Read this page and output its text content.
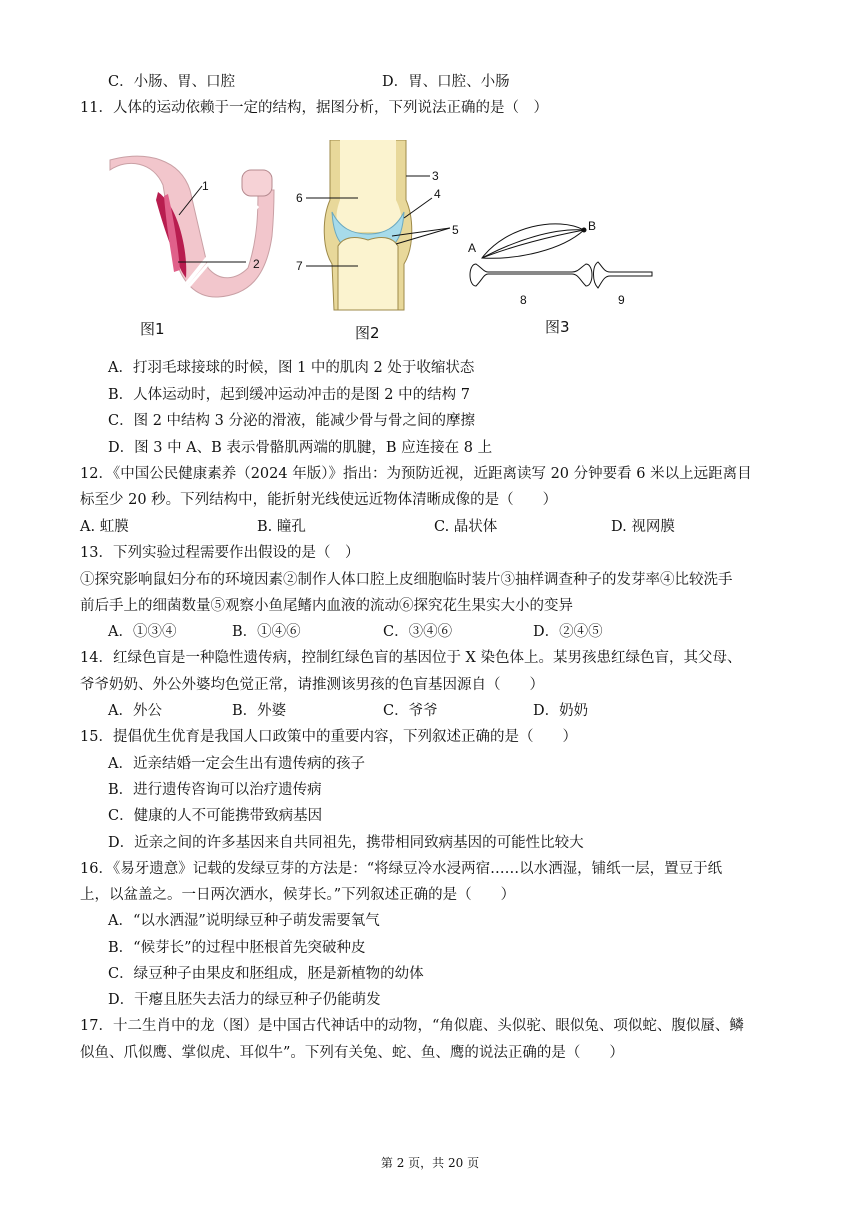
C．小肠、胃、口腔	D．胃、口腔、小肠
11．人体的运动依赖于一定的结构，据图分析，下列说法正确的是（　）
1
2
图1
3
4
5
6
7
图2
B
A
8	9
图3
A．打羽毛球接球的时候，图 1 中的肌肉 2 处于收缩状态
B．人体运动时，起到缓冲运动冲击的是图 2 中的结构 7
C．图 2 中结构 3 分泌的滑液，能减少骨与骨之间的摩擦
D．图 3 中 A、B 表示骨骼肌两端的肌腱，B 应连接在 8 上
12．《中国公民健康素养（2024 年版）》指出：为预防近视，近距离读写 20 分钟要看 6 米以上远距离目
标至少 20 秒。下列结构中，能折射光线使远近物体清晰成像的是（　　）
A. 虹膜	B. 瞳孔	C. 晶状体	D. 视网膜
13．下列实验过程需要作出假设的是（　）
①探究影响鼠妇分布的环境因素②制作人体口腔上皮细胞临时装片③抽样调查种子的发芽率④比较洗手
前后手上的细菌数量⑤观察小鱼尾鳍内血液的流动⑥探究花生果实大小的变异
A．①③④	B．①④⑥	C．③④⑥	D．②④⑤
14．红绿色盲是一种隐性遗传病，控制红绿色盲的基因位于 X 染色体上。某男孩患红绿色盲，其父母、
爷爷奶奶、外公外婆均色觉正常，请推测该男孩的色盲基因源自（　　）
A．外公	B．外婆	C．爷爷	D．奶奶
15．提倡优生优育是我国人口政策中的重要内容，下列叙述正确的是（　　）
A．近亲结婚一定会生出有遗传病的孩子
B．进行遗传咨询可以治疗遗传病
C．健康的人不可能携带致病基因
D．近亲之间的许多基因来自共同祖先，携带相同致病基因的可能性比较大
16．《易牙遗意》记载的发绿豆芽的方法是：“将绿豆冷水浸两宿……以水洒湿，铺纸一层，置豆于纸
上，以盆盖之。一日两次洒水，候芽长。”下列叙述正确的是（　　）
A．“以水洒湿”说明绿豆种子萌发需要氧气
B．“候芽长”的过程中胚根首先突破种皮
C．绿豆种子由果皮和胚组成，胚是新植物的幼体
D．干瘪且胚失去活力的绿豆种子仍能萌发
17．十二生肖中的龙（图）是中国古代神话中的动物，“角似鹿、头似驼、眼似兔、项似蛇、腹似蜃、鳞
似鱼、爪似鹰、掌似虎、耳似牛”。下列有关兔、蛇、鱼、鹰的说法正确的是（　　）
第 2 页，共 20 页
